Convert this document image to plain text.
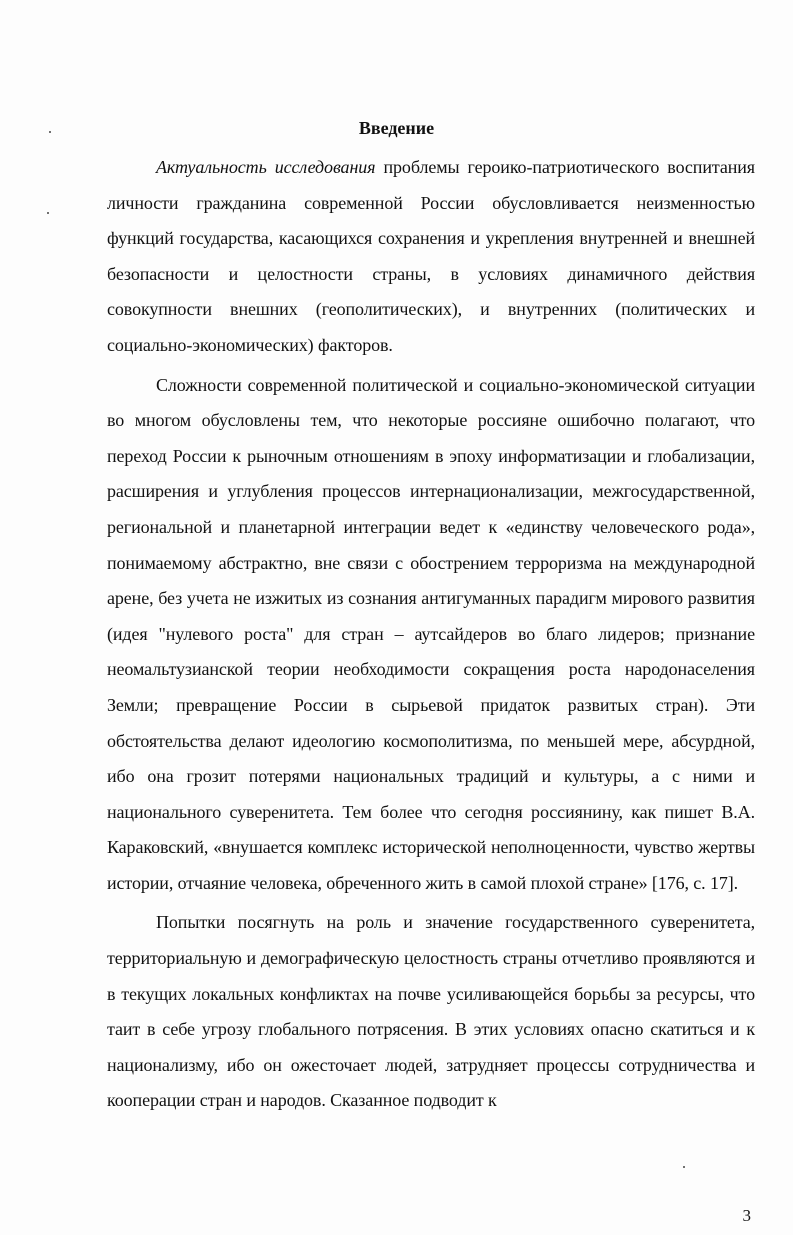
Введение

Актуальность исследования проблемы героико-патриотического воспитания личности гражданина современной России обусловливается неизменностью функций государства, касающихся сохранения и укрепления внутренней и внешней безопасности и целостности страны, в условиях динамичного действия совокупности внешних (геополитических), и внутренних (политических и социально-экономических) факторов.

Сложности современной политической и социально-экономической ситуации во многом обусловлены тем, что некоторые россияне ошибочно полагают, что переход России к рыночным отношениям в эпоху информатизации и глобализации, расширения и углубления процессов интернационализации, межгосударственной, региональной и планетарной интеграции ведет к «единству человеческого рода», понимаемому абстрактно, вне связи с обострением терроризма на международной арене, без учета не изжитых из сознания антигуманных парадигм мирового развития (идея "нулевого роста" для стран – аутсайдеров во благо лидеров; признание неомальтузианской теории необходимости сокращения роста народонаселения Земли; превращение России в сырьевой придаток развитых стран). Эти обстоятельства делают идеологию космополитизма, по меньшей мере, абсурдной, ибо она грозит потерями национальных традиций и культуры, а с ними и национального суверенитета. Тем более что сегодня россиянину, как пишет В.А. Караковский, «внушается комплекс исторической неполноценности, чувство жертвы истории, отчаяние человека, обреченного жить в самой плохой стране» [176, с. 17].

Попытки посягнуть на роль и значение государственного суверенитета, территориальную и демографическую целостность страны отчетливо проявляются и в текущих локальных конфликтах на почве усиливающейся борьбы за ресурсы, что таит в себе угрозу глобального потрясения. В этих условиях опасно скатиться и к национализму, ибо он ожесточает людей, затрудняет процессы сотрудничества и кооперации стран и народов. Сказанное подводит к

3
